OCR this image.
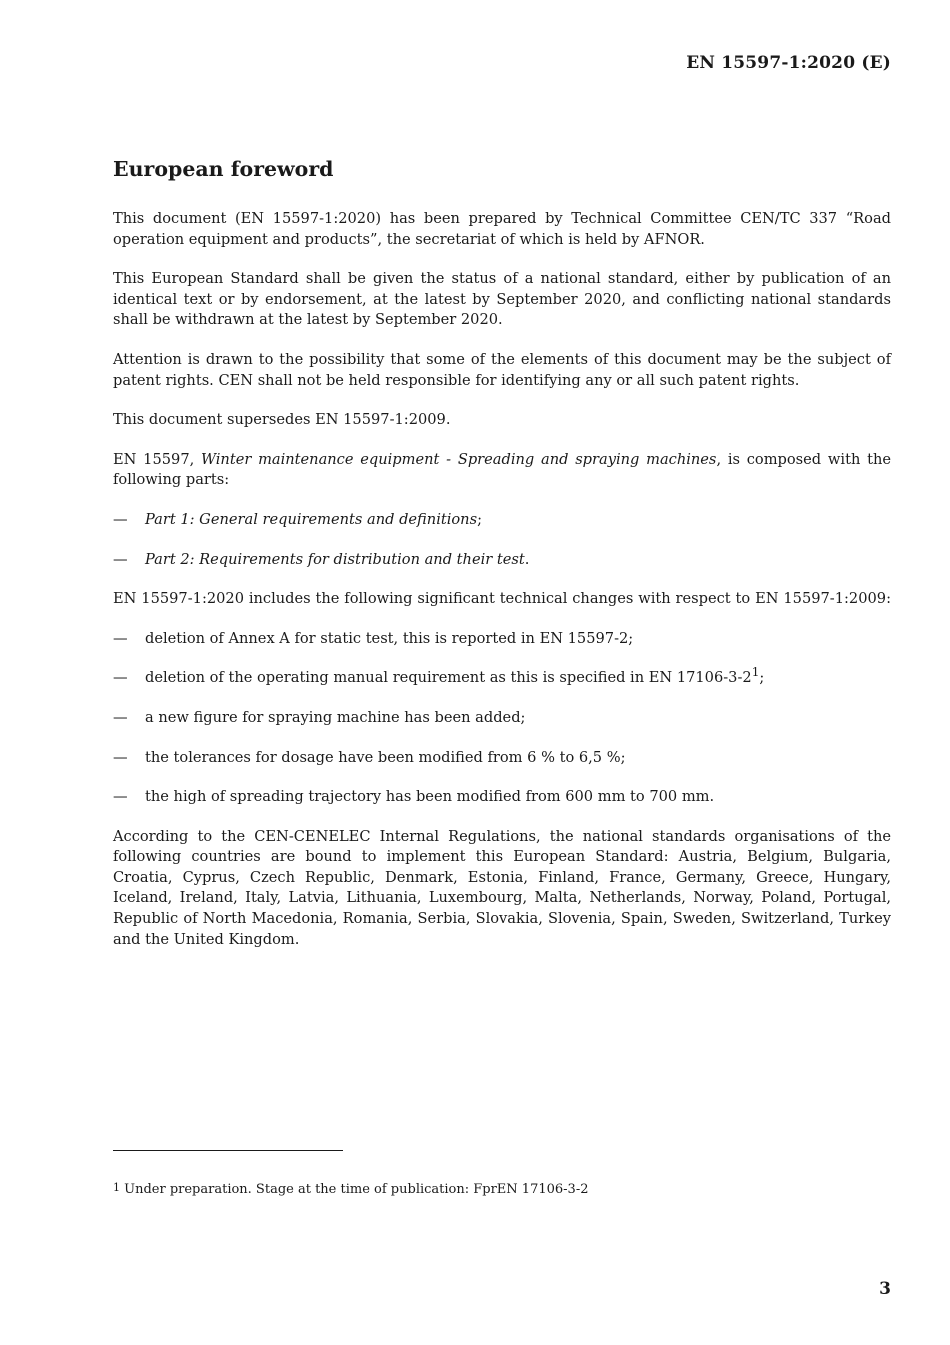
EN 15597-1:2020 (E)
European foreword

This document (EN 15597-1:2020) has been prepared by Technical Committee CEN/TC 337 “Road operation equipment and products”, the secretariat of which is held by AFNOR.

This European Standard shall be given the status of a national standard, either by publication of an identical text or by endorsement, at the latest by September 2020, and conflicting national standards shall be withdrawn at the latest by September 2020.

Attention is drawn to the possibility that some of the elements of this document may be the subject of patent rights. CEN shall not be held responsible for identifying any or all such patent rights.

This document supersedes EN 15597-1:2009.

EN 15597, Winter maintenance equipment - Spreading and spraying machines, is composed with the following parts:

—	Part 1: General requirements and definitions;
—	Part 2: Requirements for distribution and their test.

EN 15597-1:2020 includes the following significant technical changes with respect to EN 15597-1:2009:

—	deletion of Annex A for static test, this is reported in EN 15597-2;
—	deletion of the operating manual requirement as this is specified in EN 17106-3-2$^1$;
—	a new figure for spraying machine has been added;
—	the tolerances for dosage have been modified from 6 % to 6,5 %;
—	the high of spreading trajectory has been modified from 600 mm to 700 mm.

According to the CEN-CENELEC Internal Regulations, the national standards organisations of the following countries are bound to implement this European Standard: Austria, Belgium, Bulgaria, Croatia, Cyprus, Czech Republic, Denmark, Estonia, Finland, France, Germany, Greece, Hungary, Iceland, Ireland, Italy, Latvia, Lithuania, Luxembourg, Malta, Netherlands, Norway, Poland, Portugal, Republic of North Macedonia, Romania, Serbia, Slovakia, Slovenia, Spain, Sweden, Switzerland, Turkey and the United Kingdom.

$^1$ Under preparation. Stage at the time of publication: FprEN 17106-3-2
3
